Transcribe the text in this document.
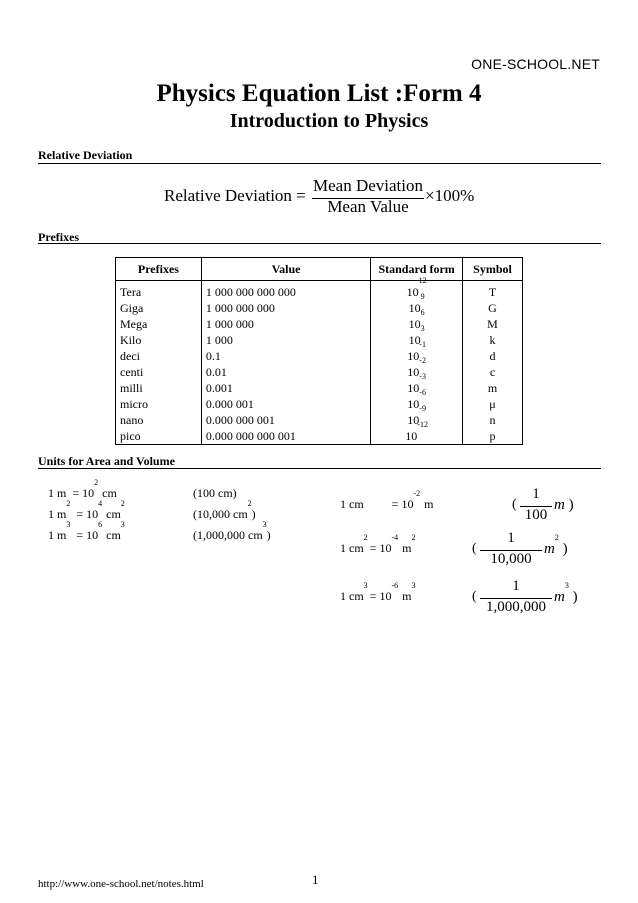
ONE-SCHOOL.NET
Physics Equation List :Form 4
Introduction to Physics
Relative Deviation
Relative Deviation =
Mean Deviation
Mean Value
×100%
Prefixes
Prefixes	Value	Standard form	Symbol

Tera	1 000 000 000 000	$10^{12}$	T
Giga	1 000 000 000	$10^9$	G
Mega	1 000 000	$10^6$	M
Kilo	1 000	$10^3$	k
deci	0.1	$10^{-1}$	d
centi	0.01	$10^{-2}$	c
milli	0.001	$10^{-3}$	m
micro	0.000 001	$10^{-6}$	μ
nano	0.000 000 001	$10^{-9}$	n
pico	0.000 000 000 001	$10^{-12}$	p
Units for Area and Volume
1 $m = 10^2cm$	(100 cm)
1 $m^2= 10^4cm^2$
(10,000 $cm^2$)
1 $m^3= 10^6cm^3$
(1,000,000 $cm^3$)
1 cm = $10^{-2}m$	(
1
100
m )
1 $cm^2= 10^{-4}m^2$
(
1
10,000
$m^2$ )
1 $cm^3= 10^{-6}m^3$
(
1
1,000,000
$m^3$ )
http://www.one-school.net/notes.html	1
